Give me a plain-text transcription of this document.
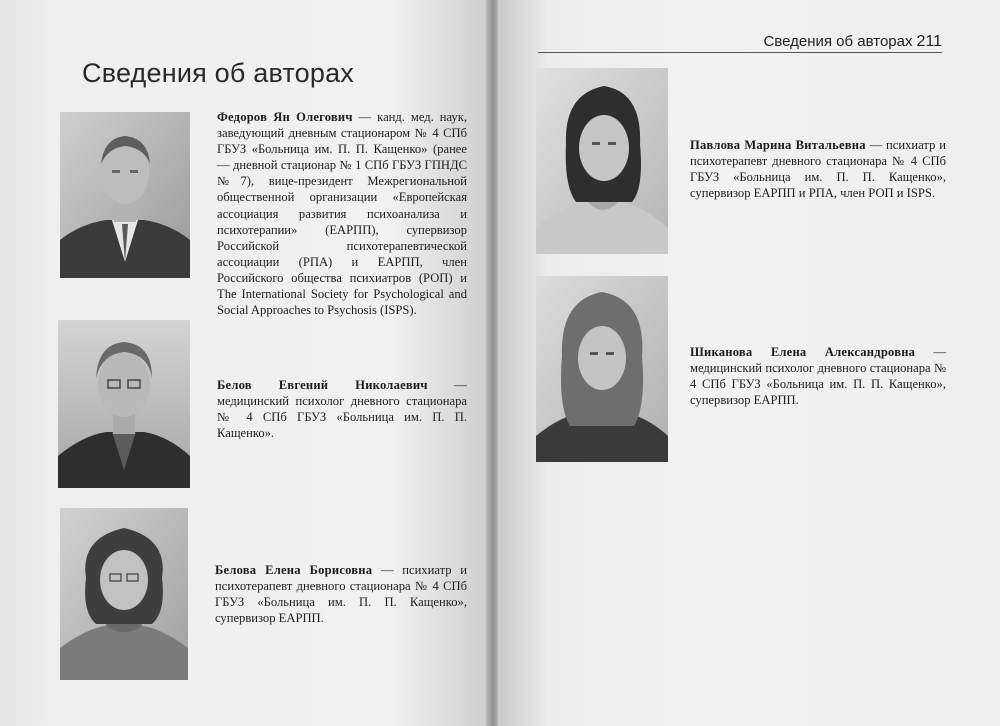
Сведения об авторах
Федоров Ян Олегович — канд. мед. наук, заведующий дневным стационаром № 4 СПб ГБУЗ «Больница им. П. П. Кащенко» (ранее — дневной стационар № 1 СПб ГБУЗ ГПНДС №7), вице-президент Межрегиональной общественной организации «Европейская ассоциация развития психоанализа и психотерапии» (ЕАРПП), супервизор Российской психотерапевтической ассоциации (РПА) и ЕАРПП, член Российского общества психиатров (РОП) и The International Society for Psychological and Social Approaches to Psychosis (ISPS).
Белов Евгений Николаевич — медицинский психолог дневного стационара № 4 СПб ГБУЗ «Больница им. П. П. Кащенко».
Белова Елена Борисовна — психиатр и психотерапевт дневного стационара № 4 СПб ГБУЗ «Больница им. П. П. Кащенко», супервизор ЕАРПП.
Сведения об авторах 211
Павлова Марина Витальевна — психиатр и психотерапевт дневного стационара № 4 СПб ГБУЗ «Больница им. П. П. Кащенко», супервизор ЕАРПП и РПА, член РОП и ISPS.
Шиканова Елена Александровна — медицинский психолог дневного стационара № 4 СПб ГБУЗ «Больница им. П. П. Кащенко», супервизор ЕАРПП.
